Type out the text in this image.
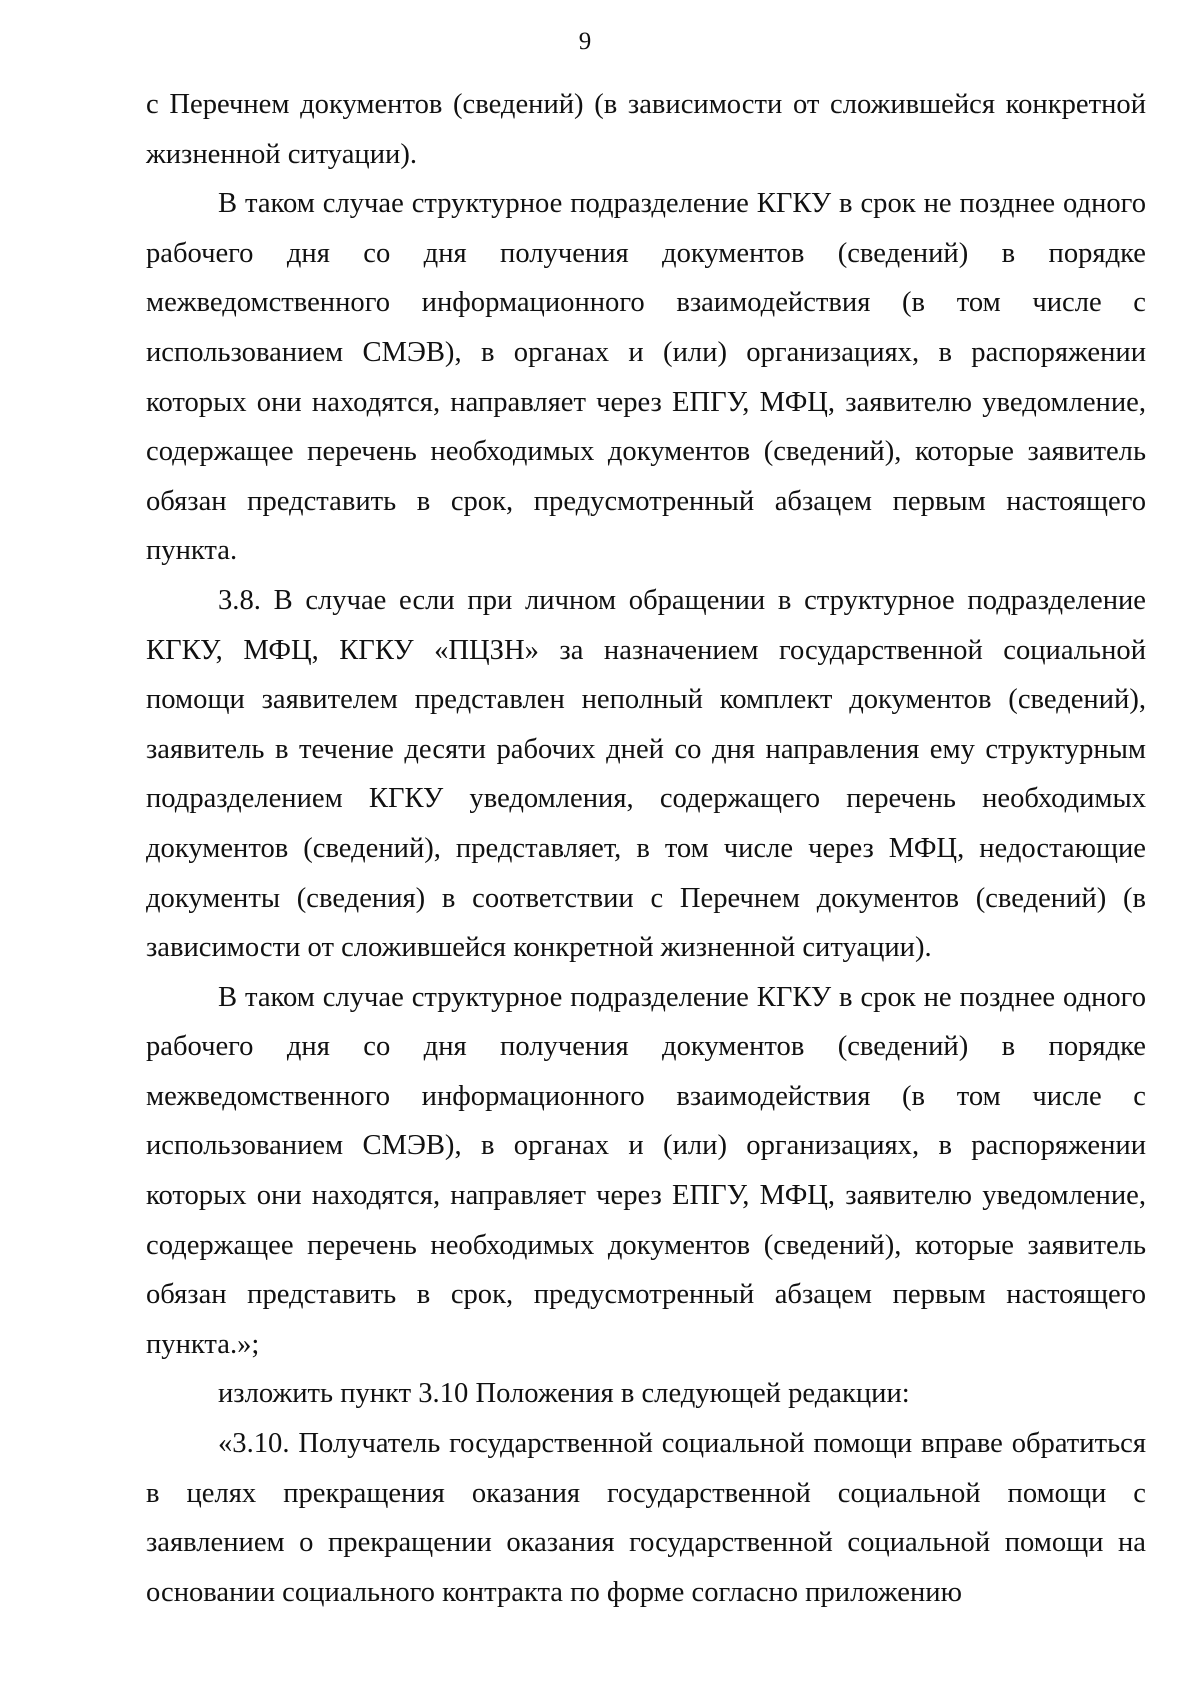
9

с Перечнем документов (сведений) (в зависимости от сложившейся конкретной жизненной ситуации).

В таком случае структурное подразделение КГКУ в срок не позднее одного рабочего дня со дня получения документов (сведений) в порядке межведомственного информационного взаимодействия (в том числе с использованием СМЭВ), в органах и (или) организациях, в распоряжении которых они находятся, направляет через ЕПГУ, МФЦ, заявителю уведомление, содержащее перечень необходимых документов (сведений), которые заявитель обязан представить в срок, предусмотренный абзацем первым настоящего пункта.

3.8. В случае если при личном обращении в структурное подразделение КГКУ, МФЦ, КГКУ «ПЦЗН» за назначением государственной социальной помощи заявителем представлен неполный комплект документов (сведений), заявитель в течение десяти рабочих дней со дня направления ему структурным подразделением КГКУ уведомления, содержащего перечень необходимых документов (сведений), представляет, в том числе через МФЦ, недостающие документы (сведения) в соответствии с Перечнем документов (сведений) (в зависимости от сложившейся конкретной жизненной ситуации).

В таком случае структурное подразделение КГКУ в срок не позднее одного рабочего дня со дня получения документов (сведений) в порядке межведомственного информационного взаимодействия (в том числе с использованием СМЭВ), в органах и (или) организациях, в распоряжении которых они находятся, направляет через ЕПГУ, МФЦ, заявителю уведомление, содержащее перечень необходимых документов (сведений), которые заявитель обязан представить в срок, предусмотренный абзацем первым настоящего пункта.»;

изложить пункт 3.10 Положения в следующей редакции:

«3.10. Получатель государственной социальной помощи вправе обратиться в целях прекращения оказания государственной социальной помощи с заявлением о прекращении оказания государственной социальной помощи на основании социального контракта по форме согласно приложению
